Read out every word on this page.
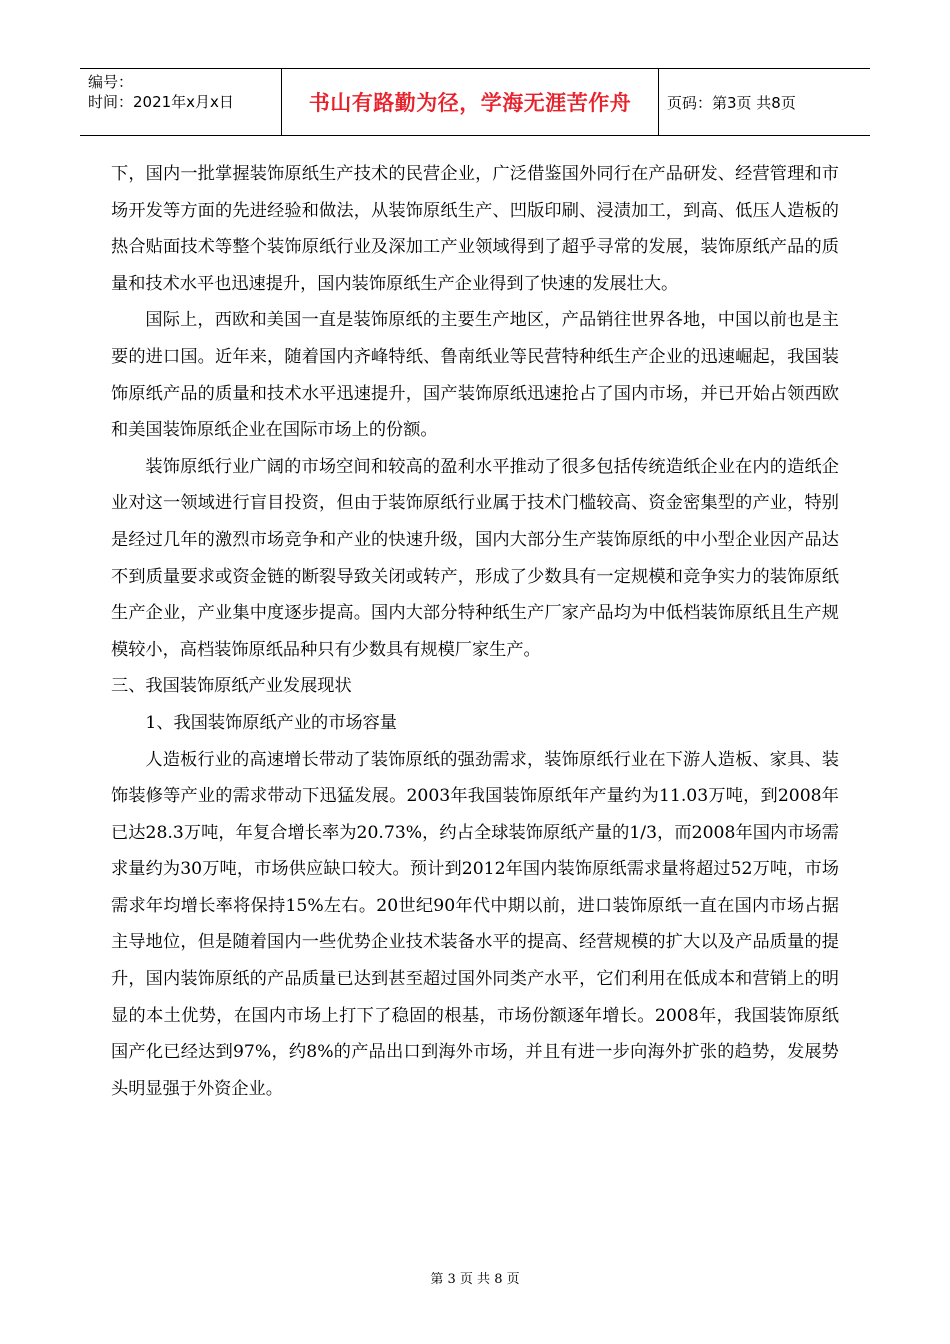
编号：
时间：2021年x月x日	书山有路勤为径，学海无涯苦作舟	页码：第3页 共8页

下，国内一批掌握装饰原纸生产技术的民营企业，广泛借鉴国外同行在产品研发、经营管理和市场开发等方面的先进经验和做法，从装饰原纸生产、凹版印刷、浸渍加工，到高、低压人造板的热合贴面技术等整个装饰原纸行业及深加工产业领域得到了超乎寻常的发展，装饰原纸产品的质量和技术水平也迅速提升，国内装饰原纸生产企业得到了快速的发展壮大。

国际上，西欧和美国一直是装饰原纸的主要生产地区，产品销往世界各地，中国以前也是主要的进口国。近年来，随着国内齐峰特纸、鲁南纸业等民营特种纸生产企业的迅速崛起，我国装饰原纸产品的质量和技术水平迅速提升，国产装饰原纸迅速抢占了国内市场，并已开始占领西欧和美国装饰原纸企业在国际市场上的份额。

装饰原纸行业广阔的市场空间和较高的盈利水平推动了很多包括传统造纸企业在内的造纸企业对这一领域进行盲目投资，但由于装饰原纸行业属于技术门槛较高、资金密集型的产业，特别是经过几年的激烈市场竞争和产业的快速升级，国内大部分生产装饰原纸的中小型企业因产品达不到质量要求或资金链的断裂导致关闭或转产，形成了少数具有一定规模和竞争实力的装饰原纸生产企业，产业集中度逐步提高。国内大部分特种纸生产厂家产品均为中低档装饰原纸且生产规模较小，高档装饰原纸品种只有少数具有规模厂家生产。

三、我国装饰原纸产业发展现状

1、我国装饰原纸产业的市场容量

人造板行业的高速增长带动了装饰原纸的强劲需求，装饰原纸行业在下游人造板、家具、装饰装修等产业的需求带动下迅猛发展。2003年我国装饰原纸年产量约为11.03万吨，到2008年已达28.3万吨，年复合增长率为20.73%，约占全球装饰原纸产量的1/3，而2008年国内市场需求量约为30万吨，市场供应缺口较大。预计到2012年国内装饰原纸需求量将超过52万吨，市场需求年均增长率将保持15%左右。20世纪90年代中期以前，进口装饰原纸一直在国内市场占据主导地位，但是随着国内一些优势企业技术装备水平的提高、经营规模的扩大以及产品质量的提升，国内装饰原纸的产品质量已达到甚至超过国外同类产水平，它们利用在低成本和营销上的明显的本土优势，在国内市场上打下了稳固的根基，市场份额逐年增长。2008年，我国装饰原纸国产化已经达到97%，约8%的产品出口到海外市场，并且有进一步向海外扩张的趋势，发展势头明显强于外资企业。

第 3 页 共 8 页
